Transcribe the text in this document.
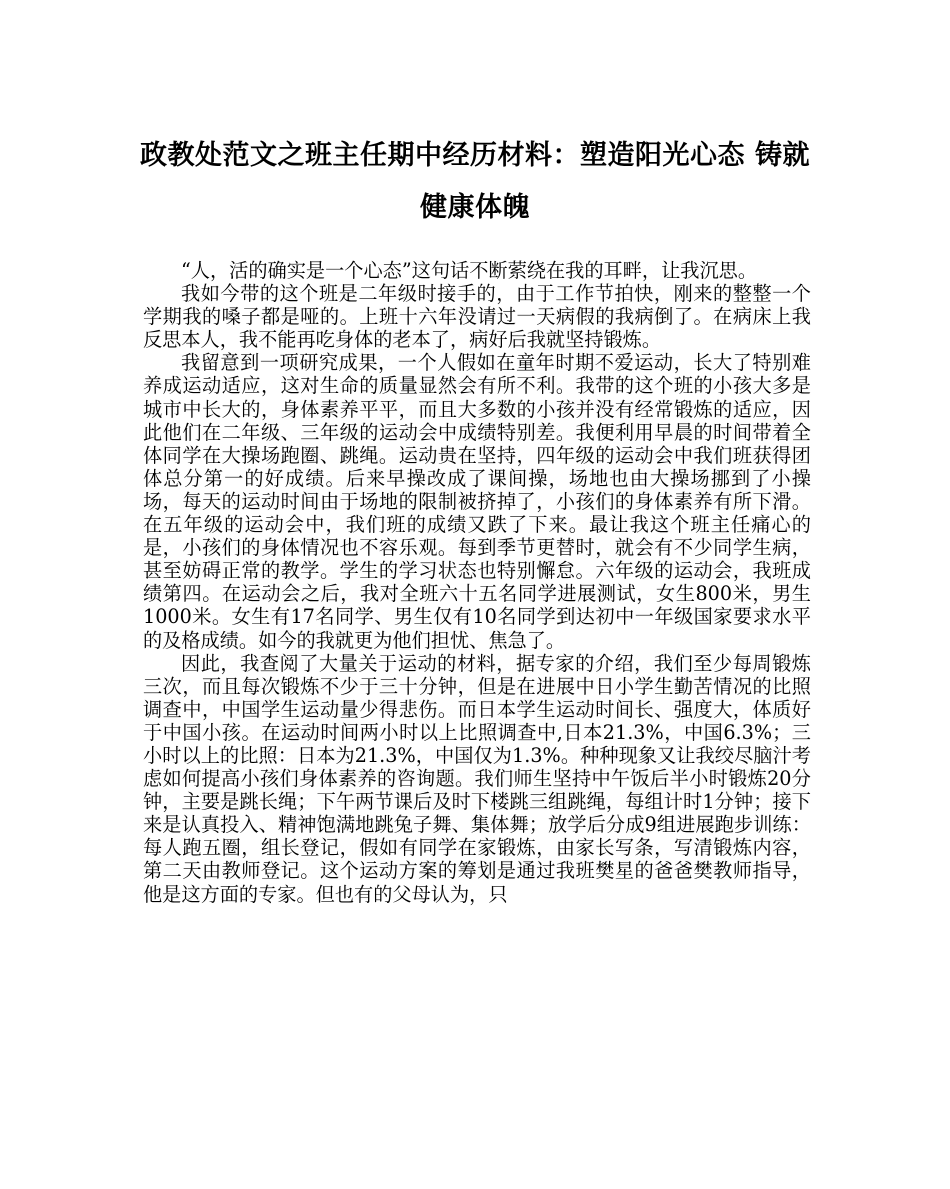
政教处范文之班主任期中经历材料：塑造阳光心态 铸就健康体魄

“人，活的确实是一个心态”这句话不断萦绕在我的耳畔，让我沉思。

我如今带的这个班是二年级时接手的，由于工作节拍快，刚来的整整一个学期我的嗓子都是哑的。上班十六年没请过一天病假的我病倒了。在病床上我反思本人，我不能再吃身体的老本了，病好后我就坚持锻炼。

我留意到一项研究成果，一个人假如在童年时期不爱运动，长大了特别难养成运动适应，这对生命的质量显然会有所不利。我带的这个班的小孩大多是城市中长大的，身体素养平平，而且大多数的小孩并没有经常锻炼的适应，因此他们在二年级、三年级的运动会中成绩特别差。我便利用早晨的时间带着全体同学在大操场跑圈、跳绳。运动贵在坚持，四年级的运动会中我们班获得团体总分第一的好成绩。后来早操改成了课间操，场地也由大操场挪到了小操场，每天的运动时间由于场地的限制被挤掉了，小孩们的身体素养有所下滑。在五年级的运动会中，我们班的成绩又跌了下来。最让我这个班主任痛心的是，小孩们的身体情况也不容乐观。每到季节更替时，就会有不少同学生病，甚至妨碍正常的教学。学生的学习状态也特别懈怠。六年级的运动会，我班成绩第四。在运动会之后，我对全班六十五名同学进展测试，女生800米，男生1000米。女生有17名同学、男生仅有10名同学到达初中一年级国家要求水平的及格成绩。如今的我就更为他们担忧、焦急了。

因此，我查阅了大量关于运动的材料，据专家的介绍，我们至少每周锻炼三次，而且每次锻炼不少于三十分钟，但是在进展中日小学生勤苦情况的比照调查中，中国学生运动量少得悲伤。而日本学生运动时间长、强度大，体质好于中国小孩。在运动时间两小时以上比照调查中,日本21.3%，中国6.3%；三小时以上的比照：日本为21.3%，中国仅为1.3%。种种现象又让我绞尽脑汁考虑如何提高小孩们身体素养的咨询题。我们师生坚持中午饭后半小时锻炼20分钟，主要是跳长绳；下午两节课后及时下楼跳三组跳绳，每组计时1分钟；接下来是认真投入、精神饱满地跳兔子舞、集体舞；放学后分成9组进展跑步训练：每人跑五圈，组长登记，假如有同学在家锻炼，由家长写条，写清锻炼内容，第二天由教师登记。这个运动方案的筹划是通过我班樊星的爸爸樊教师指导，他是这方面的专家。但也有的父母认为，只
